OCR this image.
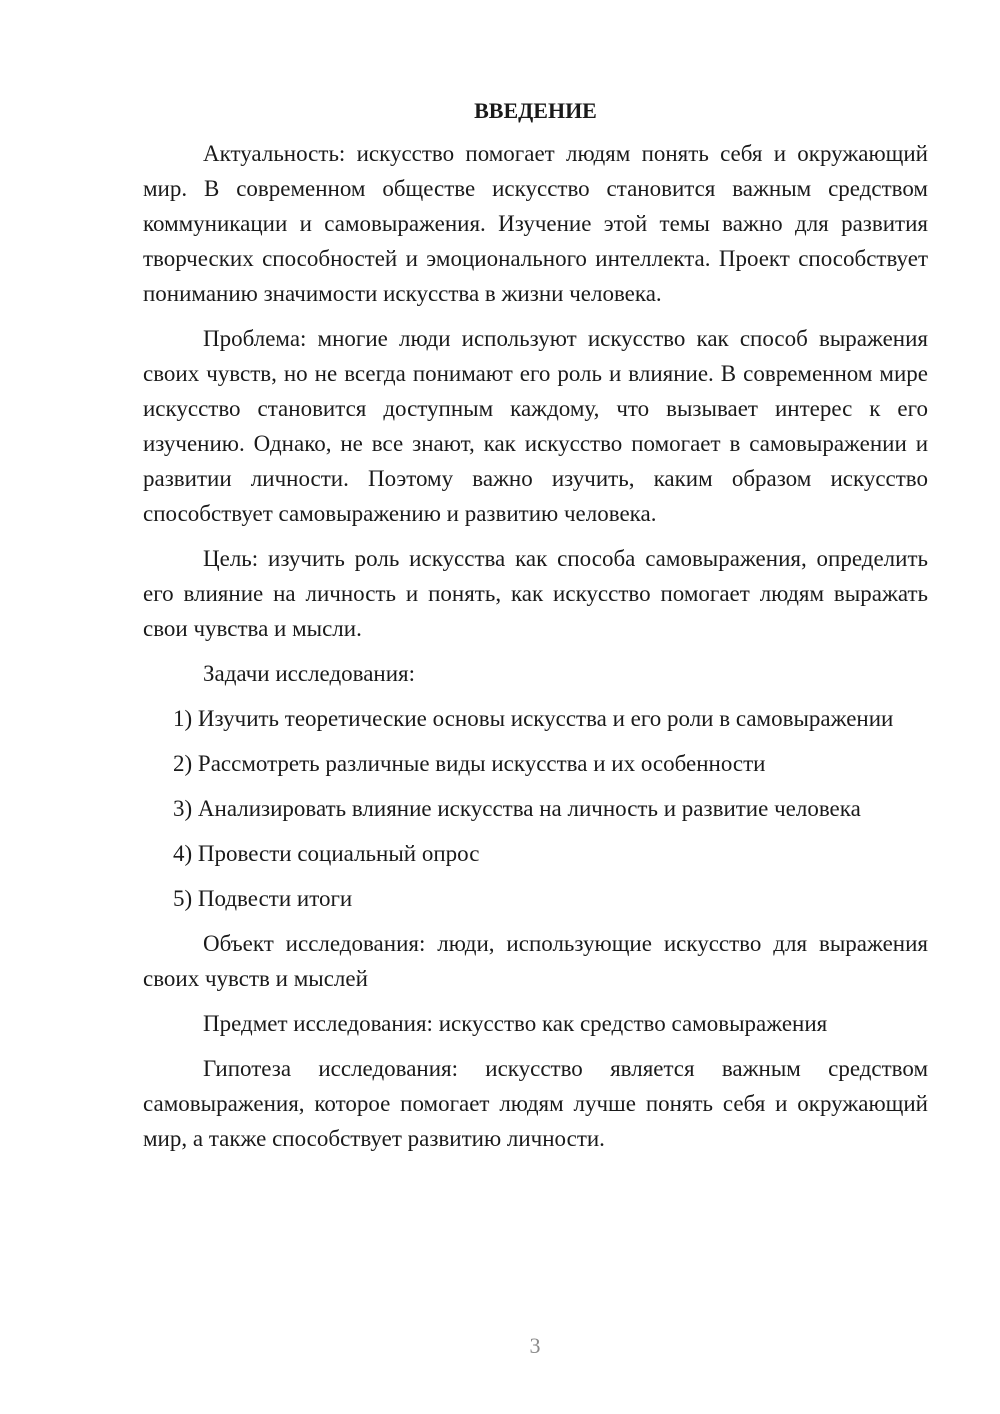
ВВЕДЕНИЕ

Актуальность: искусство помогает людям понять себя и окружающий мир. В современном обществе искусство становится важным средством коммуникации и самовыражения. Изучение этой темы важно для развития творческих способностей и эмоционального интеллекта. Проект способствует пониманию значимости искусства в жизни человека.

Проблема: многие люди используют искусство как способ выражения своих чувств, но не всегда понимают его роль и влияние. В современном мире искусство становится доступным каждому, что вызывает интерес к его изучению. Однако, не все знают, как искусство помогает в самовыражении и развитии личности. Поэтому важно изучить, каким образом искусство способствует самовыражению и развитию человека.

Цель: изучить роль искусства как способа самовыражения, определить его влияние на личность и понять, как искусство помогает людям выражать свои чувства и мысли.

Задачи исследования:

1) Изучить теоретические основы искусства и его роли в самовыражении

2) Рассмотреть различные виды искусства и их особенности

3) Анализировать влияние искусства на личность и развитие человека

4) Провести социальный опрос

5) Подвести итоги

Объект исследования: люди, использующие искусство для выражения своих чувств и мыслей

Предмет исследования: искусство как средство самовыражения

Гипотеза исследования: искусство является важным средством самовыражения, которое помогает людям лучше понять себя и окружающий мир, а также способствует развитию личности.

3
